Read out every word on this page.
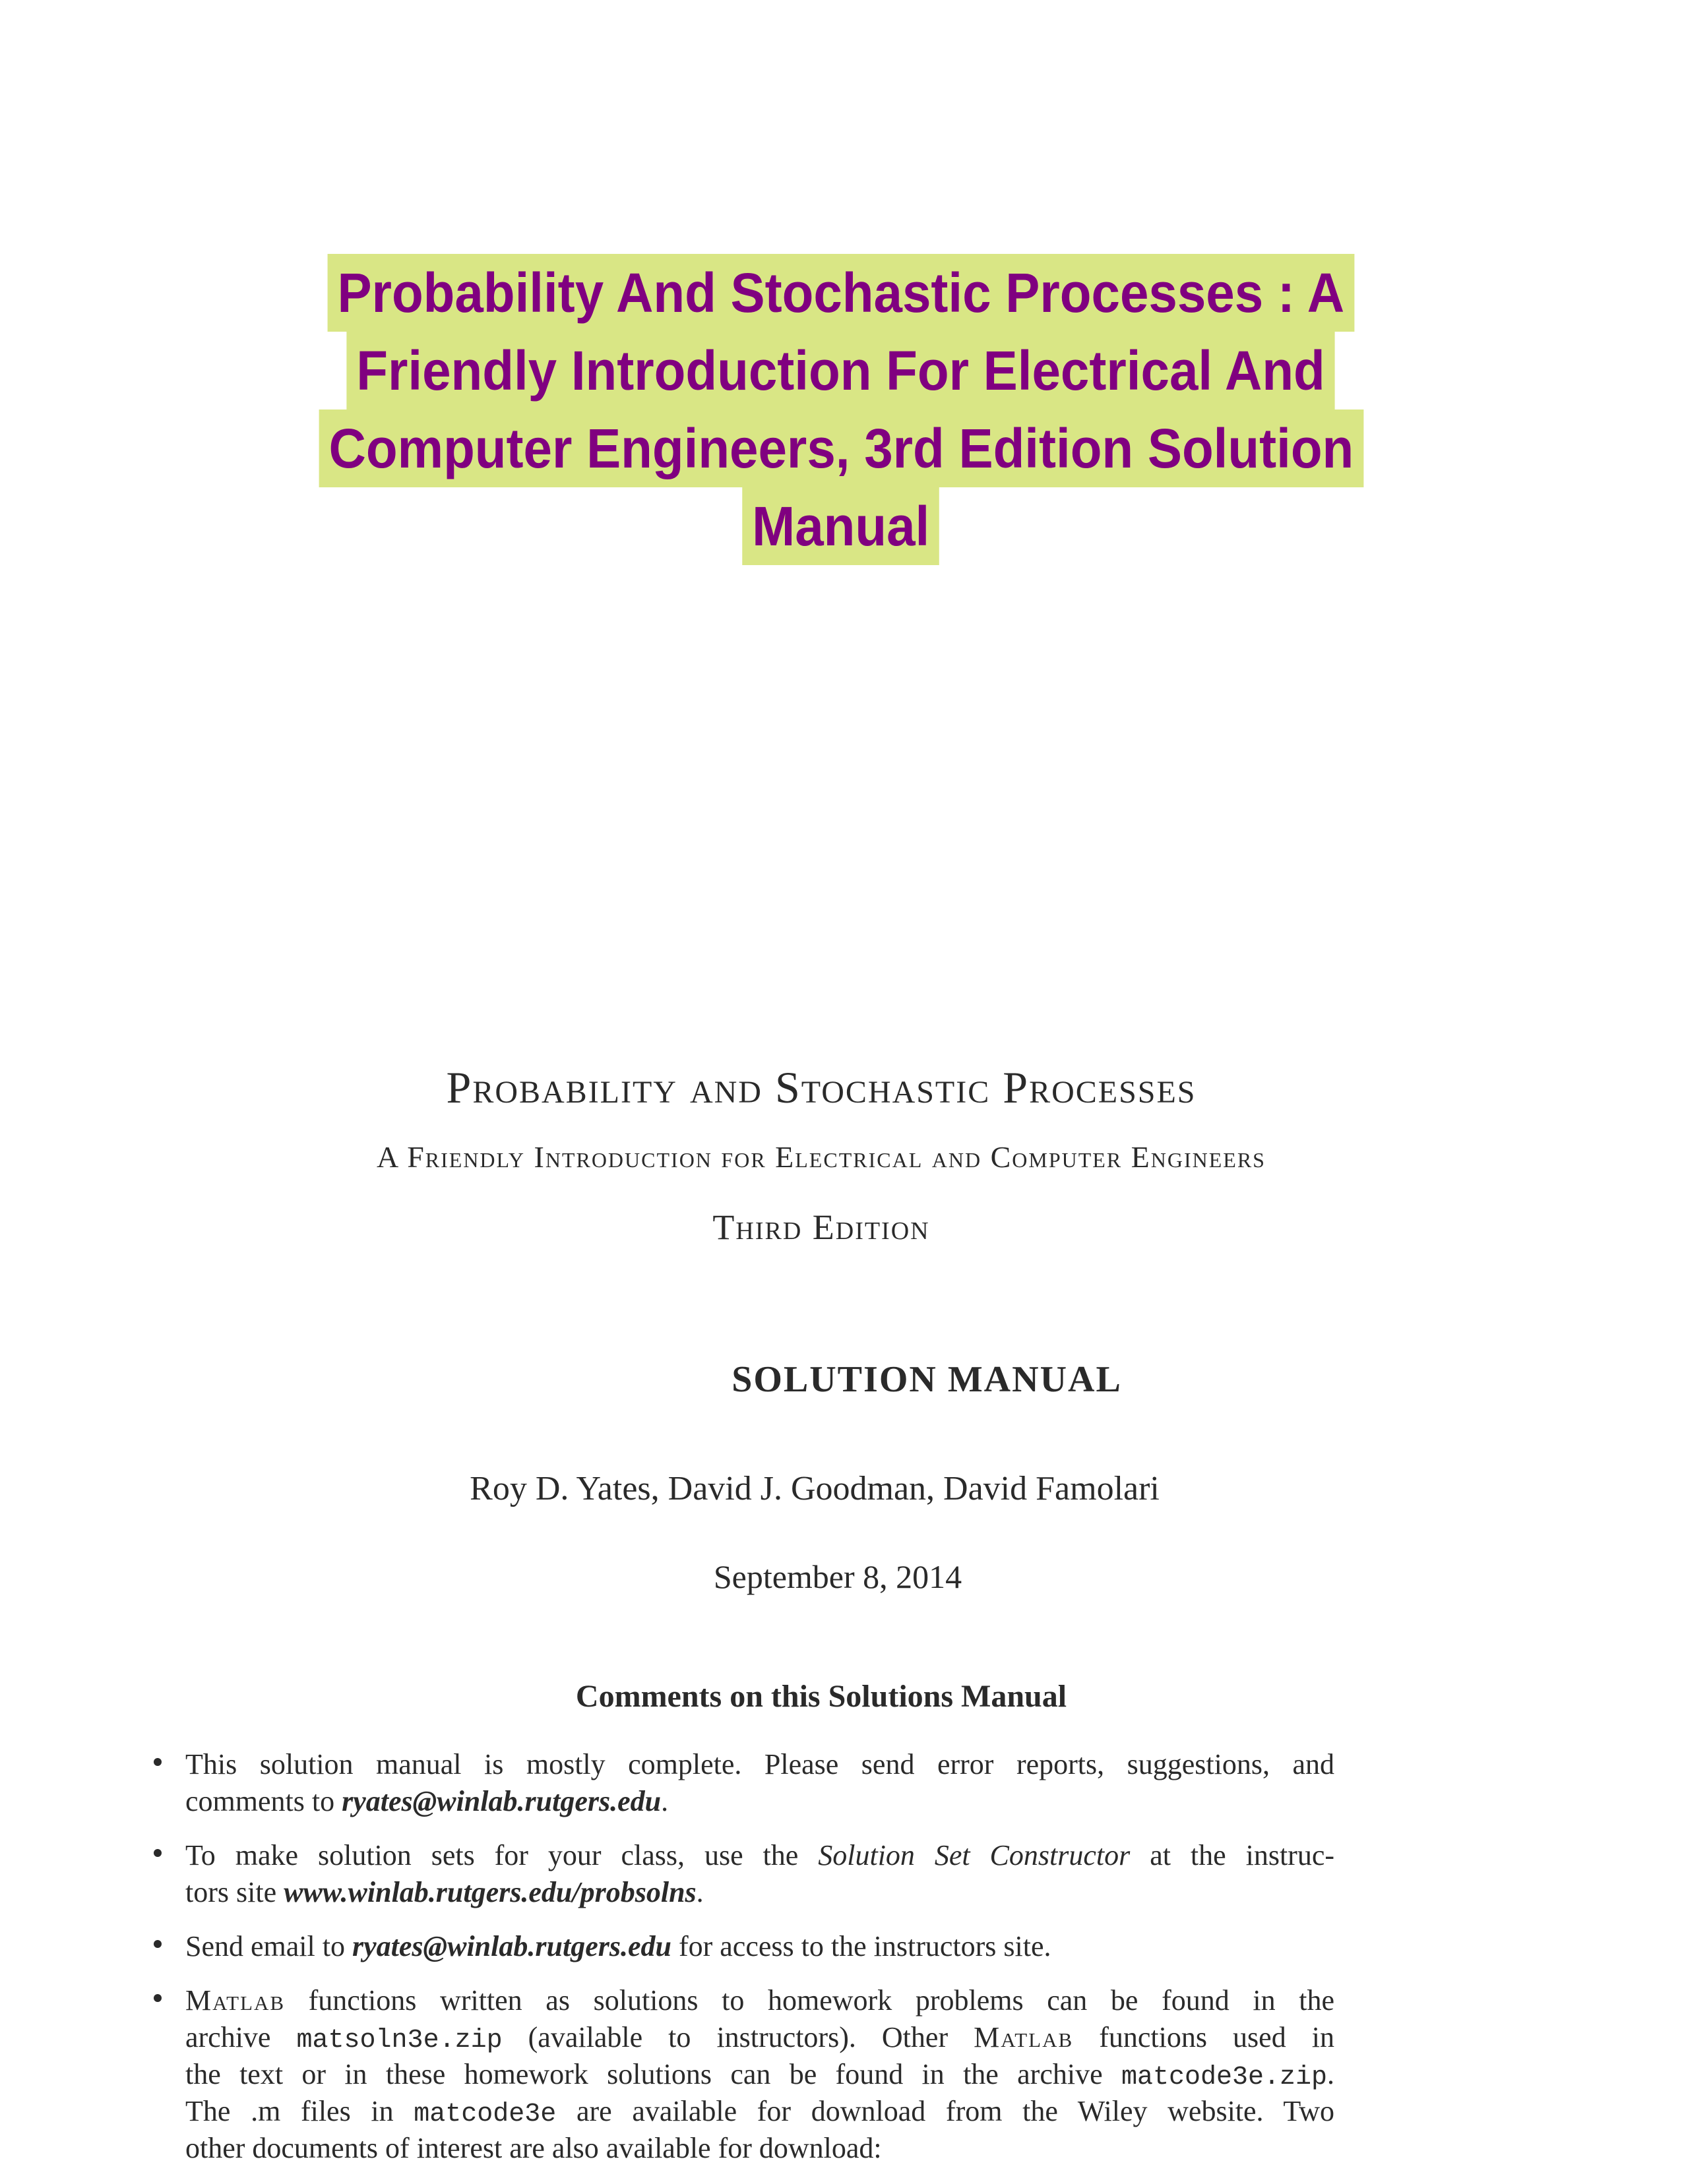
Probability And Stochastic Processes : A
Friendly Introduction For Electrical And
Computer Engineers, 3rd Edition Solution
Manual
Probability and Stochastic Processes
A Friendly Introduction for Electrical and Computer Engineers
Third Edition
SOLUTION MANUAL
Roy D. Yates, David J. Goodman, David Famolari
September 8, 2014
Comments on this Solutions Manual
This solution manual is mostly complete. Please send error reports, suggestions, and
comments to ryates@winlab.rutgers.edu.
To make solution sets for your class, use the Solution Set Constructor at the instruc-
tors site www.winlab.rutgers.edu/probsolns.
Send email to ryates@winlab.rutgers.edu for access to the instructors site.
Matlab functions written as solutions to homework problems can be found in the
archive matsoln3e.zip (available to instructors). Other Matlab functions used in
the text or in these homework solutions can be found in the archive matcode3e.zip.
The .m files in matcode3e are available for download from the Wiley website. Two
other documents of interest are also available for download:
